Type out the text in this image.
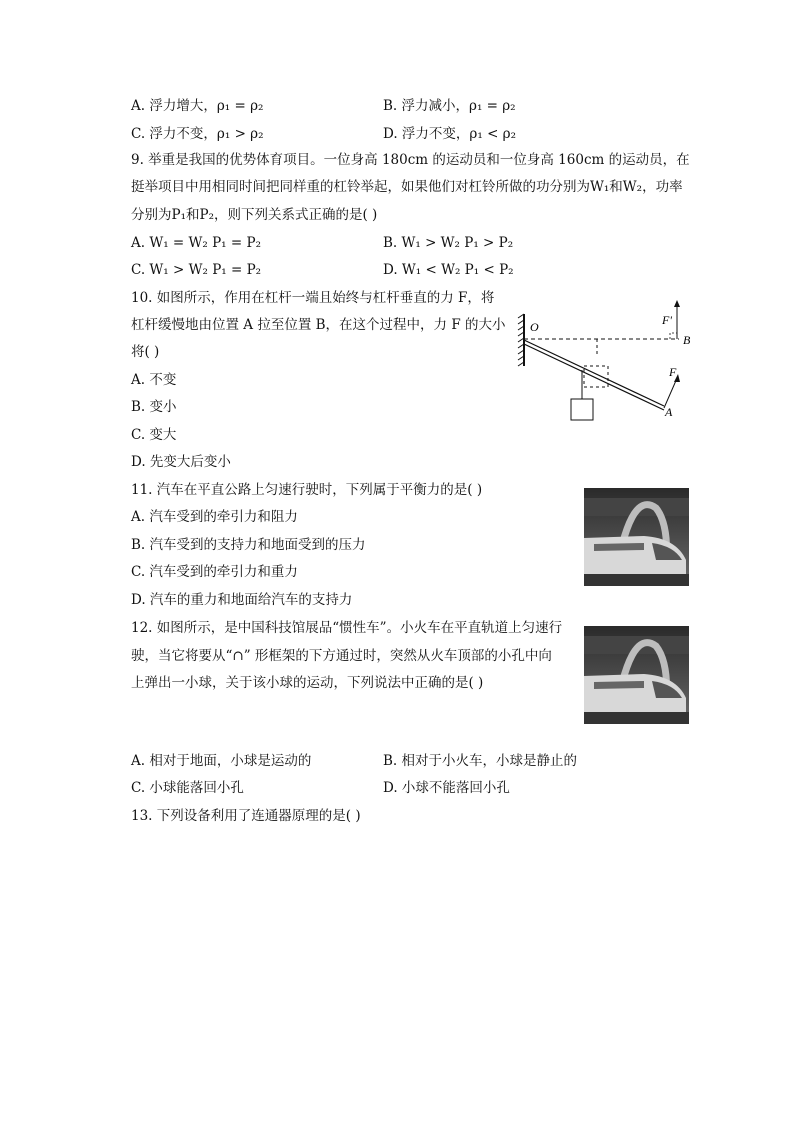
A. 浮力增大，ρ₁ = ρ₂	B. 浮力减小，ρ₁ = ρ₂
C. 浮力不变，ρ₁ > ρ₂	D. 浮力不变，ρ₁ < ρ₂
9. 举重是我国的优势体育项目。一位身高 180cm 的运动员和一位身高 160cm 的运动员，在
挺举项目中用相同时间把同样重的杠铃举起，如果他们对杠铃所做的功分别为W₁和W₂，功率
分别为P₁和P₂，则下列关系式正确的是( )
A. W₁ = W₂ P₁ = P₂	B. W₁ > W₂ P₁ > P₂
C. W₁ > W₂ P₁ = P₂	D. W₁ < W₂ P₁ < P₂
10. 如图所示，作用在杠杆一端且始终与杠杆垂直的力 F，将
杠杆缓慢地由位置 A 拉至位置 B，在这个过程中，力 F 的大小
将( )
A. 不变
B. 变小
C. 变大
D. 先变大后变小
O
B
A
F
F'
11. 汽车在平直公路上匀速行驶时，下列属于平衡力的是( )
A. 汽车受到的牵引力和阻力
B. 汽车受到的支持力和地面受到的压力
C. 汽车受到的牵引力和重力
D. 汽车的重力和地面给汽车的支持力
12. 如图所示，是中国科技馆展品“惯性车”。小火车在平直轨道上匀速行
驶，当它将要从“∩” 形框架的下方通过时，突然从火车顶部的小孔中向
上弹出一小球，关于该小球的运动，下列说法中正确的是( )
A. 相对于地面，小球是运动的	B. 相对于小火车，小球是静止的
C. 小球能落回小孔	D. 小球不能落回小孔
13. 下列设备利用了连通器原理的是( )
